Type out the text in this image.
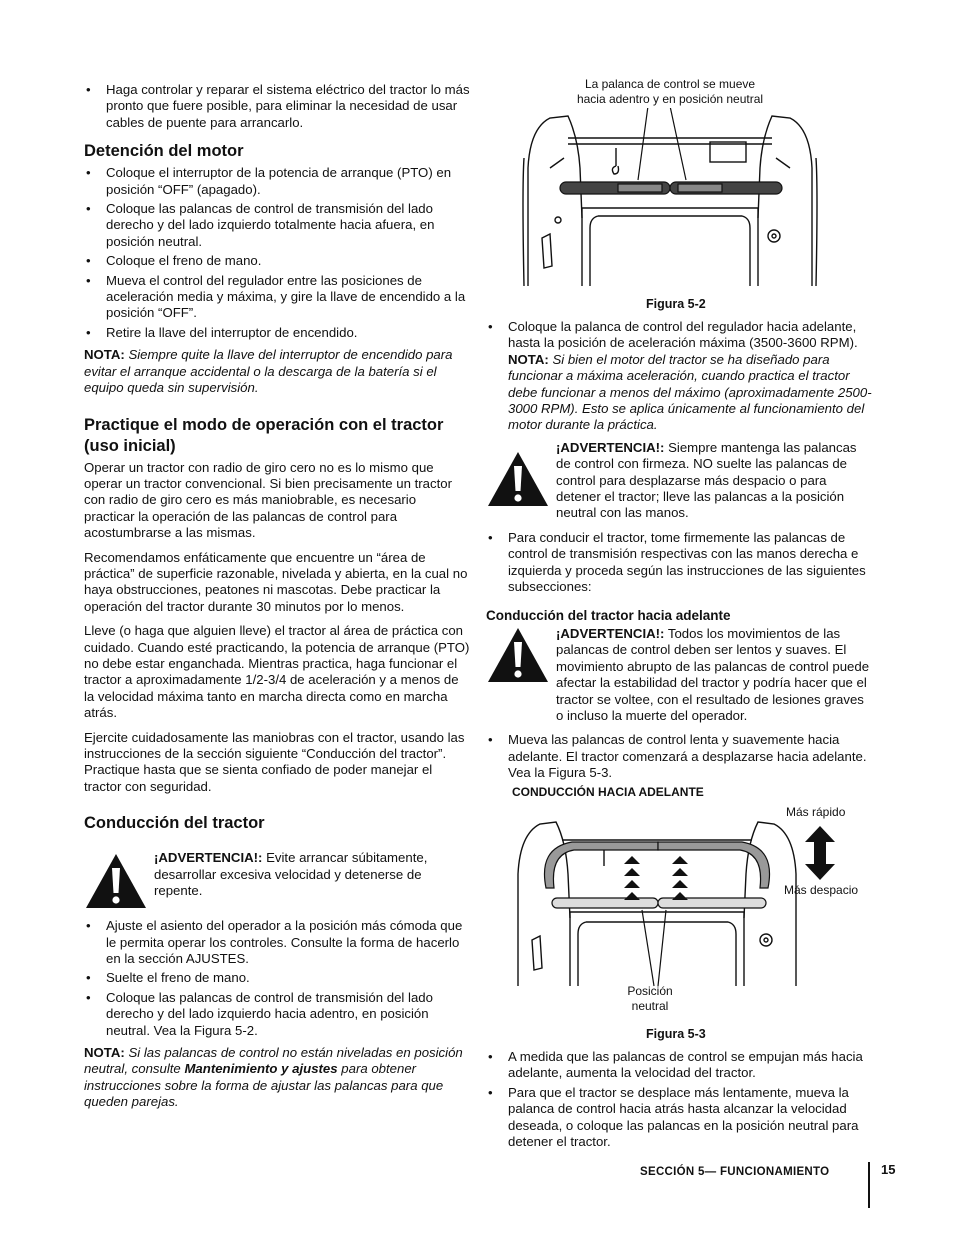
• Haga controlar y reparar el sistema eléctrico del tractor lo más pronto que fuere posible, para eliminar la necesidad de usar cables de puente para arrancarlo.
Detención del motor
• Coloque el interruptor de la potencia de arranque (PTO) en posición “OFF” (apagado).
• Coloque las palancas de control de transmisión del lado derecho y del lado izquierdo totalmente hacia afuera, en posición neutral.
• Coloque el freno de mano.
• Mueva el control del regulador entre las posiciones de aceleración media y máxima, y gire la llave de encendido a la posición “OFF”.
• Retire la llave del interruptor de encendido.

NOTA: Siempre quite la llave del interruptor de encendido para evitar el arranque accidental o la descarga de la batería si el equipo queda sin supervisión.

Practique el modo de operación con el tractor (uso inicial)

Operar un tractor con radio de giro cero no es lo mismo que operar un tractor convencional. Si bien precisamente un tractor con radio de giro cero es más maniobrable, es necesario practicar la operación de las palancas de control para acostumbrarse a las mismas.

Recomendamos enfáticamente que encuentre un “área de práctica” de superficie razonable, nivelada y abierta, en la cual no haya obstrucciones, peatones ni mascotas. Debe practicar la operación del tractor durante 30 minutos por lo menos.

Lleve (o haga que alguien lleve) el tractor al área de práctica con cuidado. Cuando esté practicando, la potencia de arranque (PTO) no debe estar enganchada. Mientras practica, haga funcionar el tractor a aproximadamente 1/2-3/4 de aceleración y a menos de la velocidad máxima tanto en marcha directa como en marcha atrás.

Ejercite cuidadosamente las maniobras con el tractor, usando las instrucciones de la sección siguiente “Conducción del tractor”. Practique hasta que se sienta confiado de poder manejar el tractor con seguridad.

Conducción del tractor
¡ADVERTENCIA!: Evite arrancar súbitamente, desarrollar excesiva velocidad y detenerse de repente.
• Ajuste el asiento del operador a la posición más cómoda que le permita operar los controles. Consulte la forma de hacerlo en la sección AJUSTES.
• Suelte el freno de mano.
• Coloque las palancas de control de transmisión del lado derecho y del lado izquierdo hacia adentro, en posición neutral. Vea la Figura 5-2.

NOTA: Si las palancas de control no están niveladas en posición neutral, consulte Mantenimiento y ajustes para obtener instrucciones sobre la forma de ajustar las palancas para que queden parejas.

La palanca de control se mueve
hacia adentro y en posición neutral
Figura 5-2
• Coloque la palanca de control del regulador hacia adelante, hasta la posición de aceleración máxima (3500-3600 RPM). NOTA: Si bien el motor del tractor se ha diseñado para funcionar a máxima aceleración, cuando practica el tractor debe funcionar a menos del máximo (aproximadamente 2500-3000 RPM). Esto se aplica únicamente al funcionamiento del motor durante la práctica.
¡ADVERTENCIA!: Siempre mantenga las palancas de control con firmeza. NO suelte las palancas de control para desplazarse más despacio o para detener el tractor; lleve las palancas a la posición neutral con las manos.
• Para conducir el tractor, tome firmemente las palancas de control de transmisión respectivas con las manos derecha e izquierda y proceda según las instrucciones de las siguientes subsecciones:
Conducción del tractor hacia adelante
¡ADVERTENCIA!: Todos los movimientos de las palancas de control deben ser lentos y suaves. El movimiento abrupto de las palancas de control puede afectar la estabilidad del tractor y podría hacer que el tractor se voltee, con el resultado de lesiones graves o incluso la muerte del operador.
• Mueva las palancas de control lenta y suavemente hacia adelante. El tractor comenzará a desplazarse hacia adelante. Vea la Figura 5-3.
CONDUCCIÓN HACIA ADELANTE
Más rápido
Más despacio
Posición
neutral
Figura 5-3
• A medida que las palancas de control se empujan más hacia adelante, aumenta la velocidad del tractor.
• Para que el tractor se desplace más lentamente, mueva la palanca de control hacia atrás hasta alcanzar la velocidad deseada, o coloque las palancas en la posición neutral para detener el tractor.
SECCIÓN 5— FUNCIONAMIENTO	15
